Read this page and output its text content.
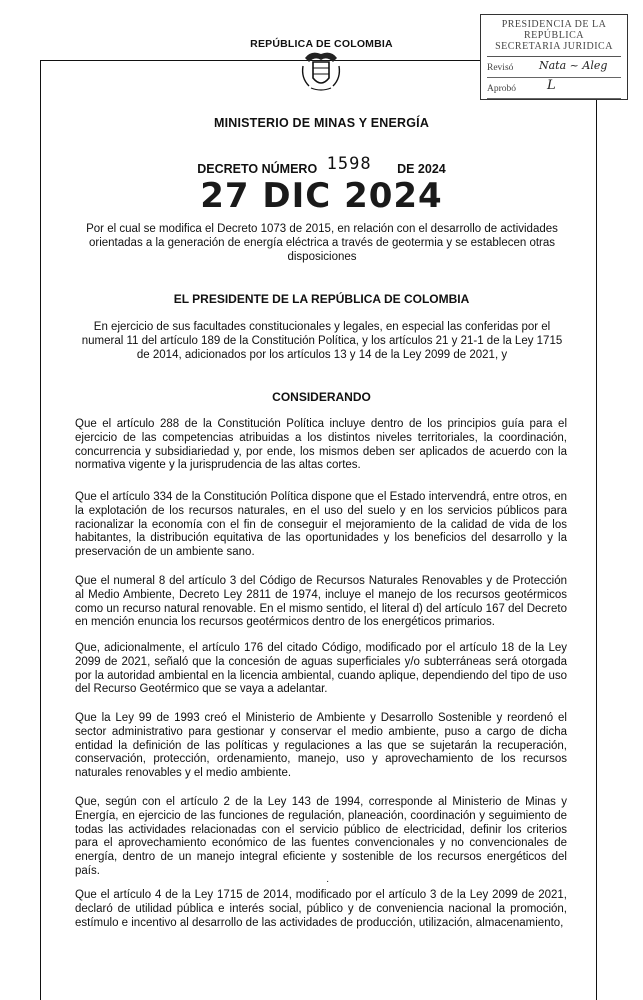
REPÚBLICA DE COLOMBIA
PRESIDENCIA DE LA REPÚBLICA
SECRETARIA JURIDICA
Revisó Nata ~ Aleg
Aprobó L
MINISTERIO DE MINAS Y ENERGÍA
DECRETO NÚMERO 1598 DE 2024
27 DIC 2024
Por el cual se modifica el Decreto 1073 de 2015, en relación con el desarrollo de actividades orientadas a la generación de energía eléctrica a través de geotermia y se establecen otras disposiciones
EL PRESIDENTE DE LA REPÚBLICA DE COLOMBIA
En ejercicio de sus facultades constitucionales y legales, en especial las conferidas por el numeral 11 del artículo 189 de la Constitución Política, y los artículos 21 y 21-1 de la Ley 1715 de 2014, adicionados por los artículos 13 y 14 de la Ley 2099 de 2021, y
CONSIDERANDO
Que el artículo 288 de la Constitución Política incluye dentro de los principios guía para el ejercicio de las competencias atribuidas a los distintos niveles territoriales, la coordinación, concurrencia y subsidiariedad y, por ende, los mismos deben ser aplicados de acuerdo con la normativa vigente y la jurisprudencia de las altas cortes.
Que el artículo 334 de la Constitución Política dispone que el Estado intervendrá, entre otros, en la explotación de los recursos naturales, en el uso del suelo y en los servicios públicos para racionalizar la economía con el fin de conseguir el mejoramiento de la calidad de vida de los habitantes, la distribución equitativa de las oportunidades y los beneficios del desarrollo y la preservación de un ambiente sano.
Que el numeral 8 del artículo 3 del Código de Recursos Naturales Renovables y de Protección al Medio Ambiente, Decreto Ley 2811 de 1974, incluye el manejo de los recursos geotérmicos como un recurso natural renovable. En el mismo sentido, el literal d) del artículo 167 del Decreto en mención enuncia los recursos geotérmicos dentro de los energéticos primarios.
Que, adicionalmente, el artículo 176 del citado Código, modificado por el artículo 18 de la Ley 2099 de 2021, señaló que la concesión de aguas superficiales y/o subterráneas será otorgada por la autoridad ambiental en la licencia ambiental, cuando aplique, dependiendo del tipo de uso del Recurso Geotérmico que se vaya a adelantar.
Que la Ley 99 de 1993 creó el Ministerio de Ambiente y Desarrollo Sostenible y reordenó el sector administrativo para gestionar y conservar el medio ambiente, puso a cargo de dicha entidad la definición de las políticas y regulaciones a las que se sujetarán la recuperación, conservación, protección, ordenamiento, manejo, uso y aprovechamiento de los recursos naturales renovables y el medio ambiente.
Que, según con el artículo 2 de la Ley 143 de 1994, corresponde al Ministerio de Minas y Energía, en ejercicio de las funciones de regulación, planeación, coordinación y seguimiento de todas las actividades relacionadas con el servicio público de electricidad, definir los criterios para el aprovechamiento económico de las fuentes convencionales y no convencionales de energía, dentro de un manejo integral eficiente y sostenible de los recursos energéticos del país.
·
Que el artículo 4 de la Ley 1715 de 2014, modificado por el artículo 3 de la Ley 2099 de 2021, declaró de utilidad pública e interés social, público y de conveniencia nacional la promoción, estímulo e incentivo al desarrollo de las actividades de producción, utilización, almacenamiento,
